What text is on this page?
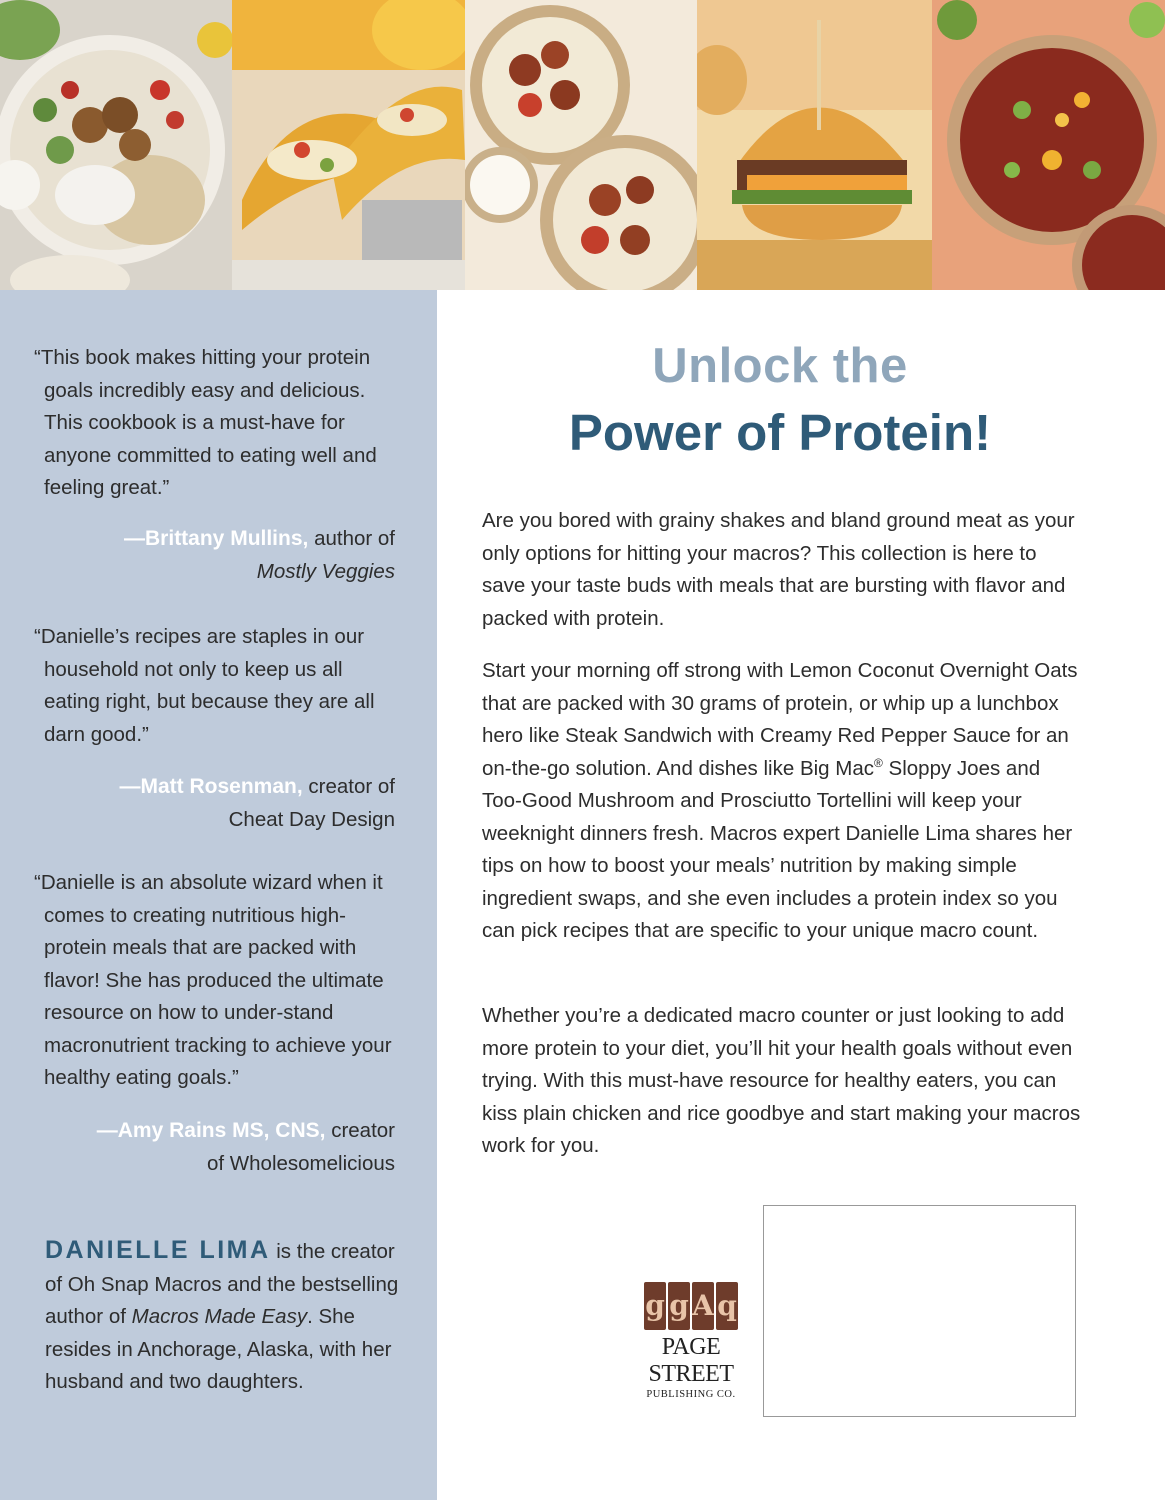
“This book makes hitting your protein goals incredibly easy and delicious. This cookbook is a must-have for anyone committed to eating well and feeling great.”

—Brittany Mullins, author of
Mostly Veggies

“Danielle’s recipes are staples in our household not only to keep us all eating right, but because they are all darn good.”

—Matt Rosenman, creator of
Cheat Day Design

“Danielle is an absolute wizard when it comes to creating nutritious high-protein meals that are packed with flavor! She has produced the ultimate resource on how to under-stand macronutrient tracking to achieve your healthy eating goals.”

—Amy Rains MS, CNS, creator
of Wholesomelicious
DANIELLE LIMA is the creator of Oh Snap Macros and the bestselling author of Macros Made Easy. She resides in Anchorage, Alaska, with her husband and two daughters.
Unlock the
Power of Protein!

Are you bored with grainy shakes and bland ground meat as your only options for hitting your macros? This collection is here to save your taste buds with meals that are bursting with flavor and packed with protein.

Start your morning off strong with Lemon Coconut Overnight Oats that are packed with 30 grams of protein, or whip up a lunchbox hero like Steak Sandwich with Creamy Red Pepper Sauce for an on-the-go solution. And dishes like Big Mac® Sloppy Joes and Too-Good Mushroom and Prosciutto Tortellini will keep your weeknight dinners fresh. Macros expert Danielle Lima shares her tips on how to boost your meals’ nutrition by making simple ingredient swaps, and she even includes a protein index so you can pick recipes that are specific to your unique macro count.

Whether you’re a dedicated macro counter or just looking to add more protein to your diet, you’ll hit your health goals without even trying. With this must-have resource for healthy eaters, you can kiss plain chicken and rice goodbye and start making your macros work for you.

g g A q
PAGE STREET
PUBLISHING CO.
